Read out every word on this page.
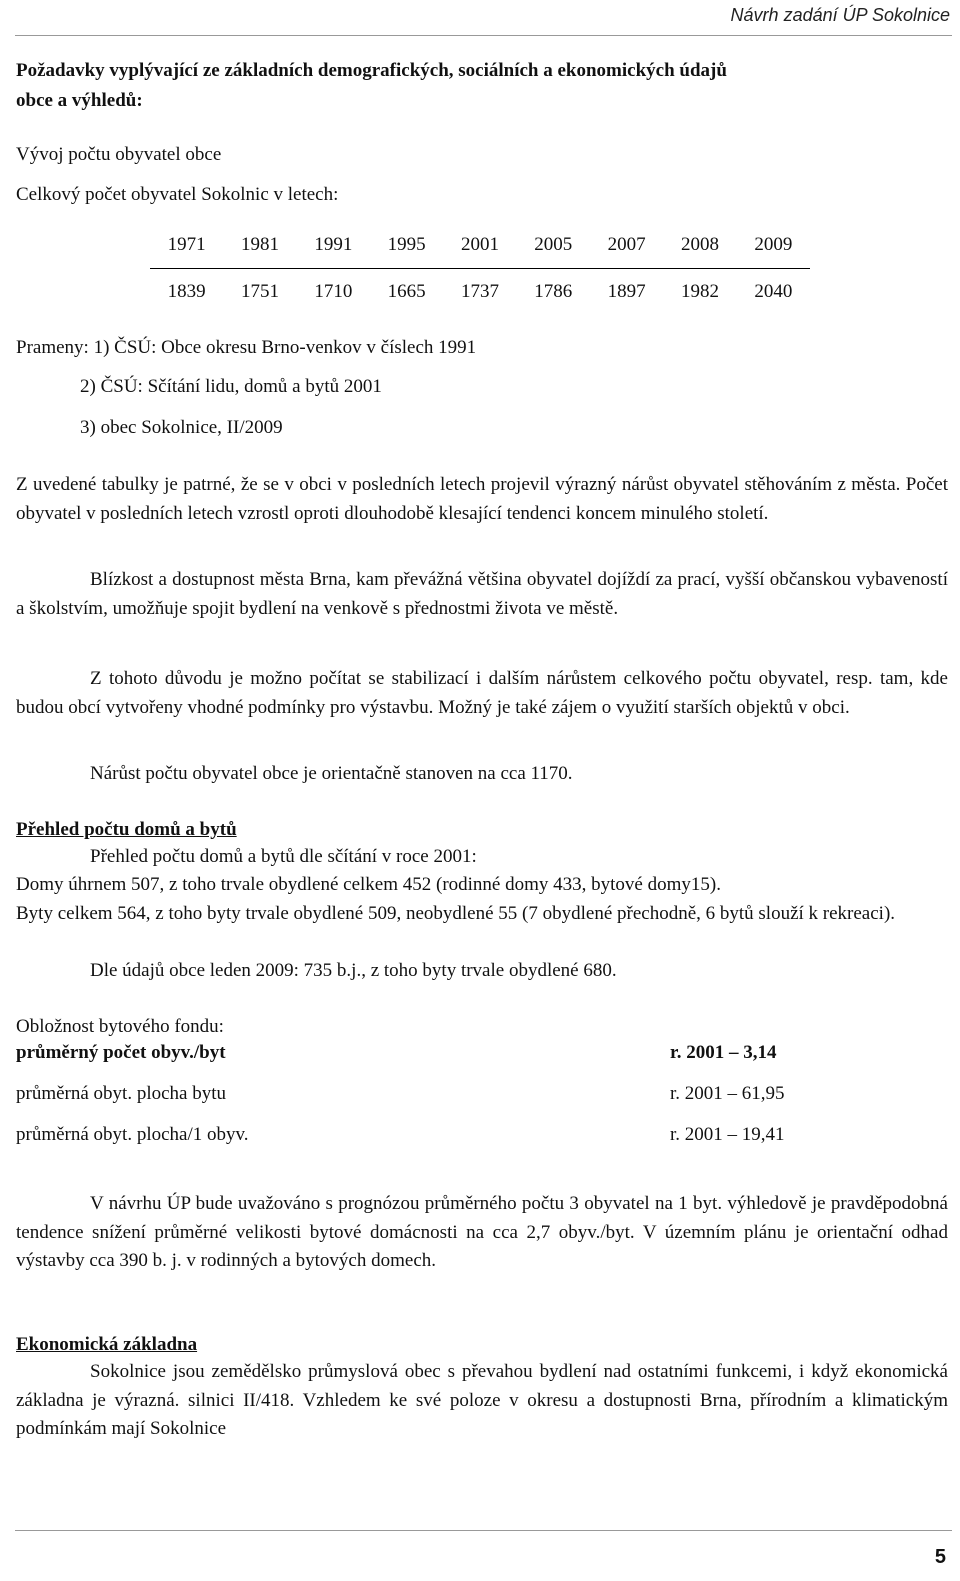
Návrh zadání ÚP Sokolnice
Požadavky vyplývající ze základních demografických, sociálních a ekonomických údajů
obce a výhledů:
Vývoj počtu obyvatel obce
Celkový počet obyvatel Sokolnic v letech:
1971	1981	1991	1995	2001	2005	2007	2008	2009
1839	1751	1710	1665	1737	1786	1897	1982	2040
Prameny: 1) ČSÚ: Obce okresu Brno-venkov v číslech 1991
2) ČSÚ: Sčítání lidu, domů a bytů 2001
3) obec Sokolnice, II/2009
Z uvedené tabulky je patrné, že se v obci v posledních letech projevil výrazný nárůst obyvatel stěhováním z města. Počet obyvatel v posledních letech vzrostl oproti dlouhodobě klesající tendenci koncem minulého století.
Blízkost a dostupnost města Brna, kam převážná většina obyvatel dojíždí za prací, vyšší občanskou vybaveností a školstvím, umožňuje spojit bydlení na venkově s přednostmi života ve městě.
Z tohoto důvodu je možno počítat se stabilizací i dalším nárůstem celkového počtu obyvatel, resp. tam, kde budou obcí vytvořeny vhodné podmínky pro výstavbu. Možný je také zájem o využití starších objektů v obci.
Nárůst počtu obyvatel obce je orientačně stanoven na cca 1170.
Přehled počtu domů a bytů
Přehled počtu domů a bytů dle sčítání v roce 2001:
Domy úhrnem 507, z toho trvale obydlené celkem 452 (rodinné domy 433, bytové domy15).
Byty celkem 564, z toho byty trvale obydlené 509, neobydlené 55 (7 obydlené přechodně, 6 bytů slouží k rekreaci).
Dle údajů obce leden 2009: 735 b.j., z toho byty trvale obydlené 680.
Obložnost bytového fondu:
průměrný počet obyv./byt	r. 2001 – 3,14
průměrná obyt. plocha bytu	r. 2001 – 61,95
průměrná obyt. plocha/1 obyv.	r. 2001 – 19,41
V návrhu ÚP bude uvažováno s prognózou průměrného počtu 3 obyvatel na 1 byt. výhledově je pravděpodobná tendence snížení průměrné velikosti bytové domácnosti na cca 2,7 obyv./byt. V územním plánu je orientační odhad výstavby cca 390 b. j. v rodinných a bytových domech.
Ekonomická základna
Sokolnice jsou zemědělsko průmyslová obec s převahou bydlení nad ostatními funkcemi, i když ekonomická základna je výrazná. silnici II/418. Vzhledem ke své poloze v okresu a dostupnosti Brna, přírodním a klimatickým podmínkám mají Sokolnice
5
